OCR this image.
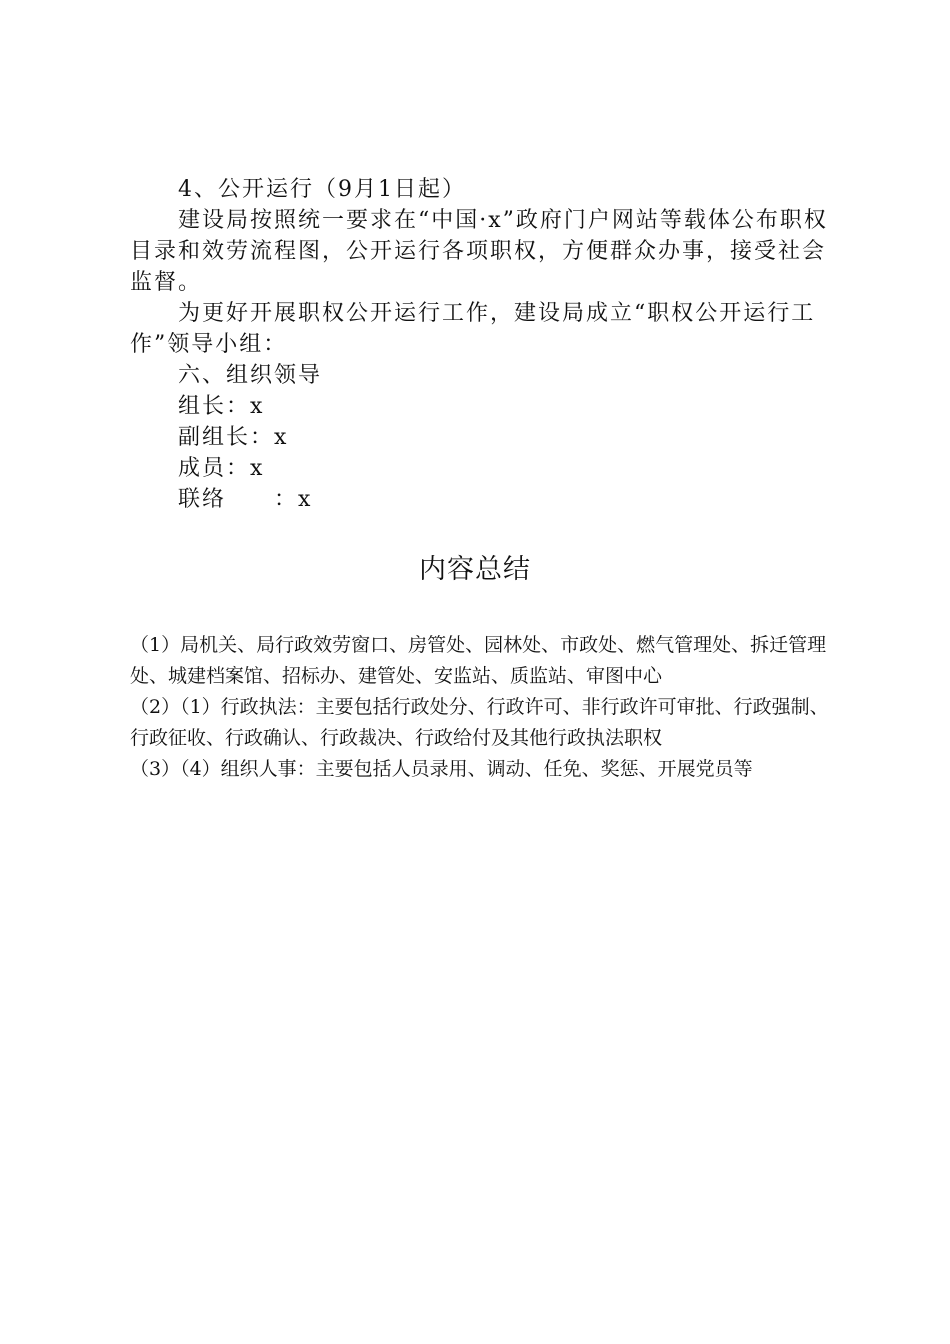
4、公开运行（9月1日起）

建设局按照统一要求在“中国·x”政府门户网站等载体公布职权目录和效劳流程图，公开运行各项职权，方便群众办事，接受社会监督。

为更好开展职权公开运行工作，建设局成立“职权公开运行工作”领导小组：

六、组织领导

组长：x

副组长：x

成员：x

联络 ：x

内容总结

（1）局机关、局行政效劳窗口、房管处、园林处、市政处、燃气管理处、拆迁管理处、城建档案馆、招标办、建管处、安监站、质监站、审图中心

（2）（1）行政执法：主要包括行政处分、行政许可、非行政许可审批、行政强制、行政征收、行政确认、行政裁决、行政给付及其他行政执法职权

（3）（4）组织人事：主要包括人员录用、调动、任免、奖惩、开展党员等
